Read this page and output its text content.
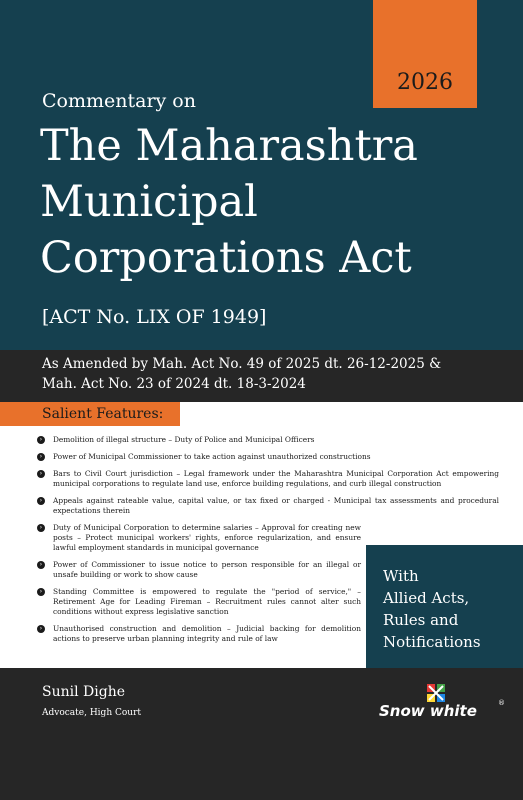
2026
Commentary on
The Maharashtra
Municipal
Corporations Act
[ACT No. LIX OF 1949]
As Amended by Mah. Act No. 49 of 2025 dt. 26-12-2025 &
Mah. Act No. 23 of 2024 dt. 18-3-2024
Salient Features:
›	Demolition of illegal structure – Duty of Police and Municipal Officers
›	Power of Municipal Commissioner to take action against unauthorized constructions
›	Bars to Civil Court jurisdiction – Legal framework under the Maharashtra Municipal Corporation Act empowering municipal corporations to regulate land use, enforce building regulations, and curb illegal construction
›	Appeals against rateable value, capital value, or tax fixed or charged - Municipal tax assessments and procedural expectations therein
›	Duty of Municipal Corporation to determine salaries – Approval for creating new posts – Protect municipal workers' rights, enforce regularization, and ensure lawful employment standards in municipal governance
›	Power of Commissioner to issue notice to person responsible for an illegal or unsafe building or work to show cause
›	Standing Committee is empowered to regulate the "period of service," – Retirement Age for Leading Fireman – Recruitment rules cannot alter such conditions without express legislative sanction
›	Unauthorised construction and demolition – Judicial backing for demolition actions to preserve urban planning integrity and rule of law
With
Allied Acts,
Rules and
Notifications
Sunil Dighe
Advocate, High Court	Snow white	®
